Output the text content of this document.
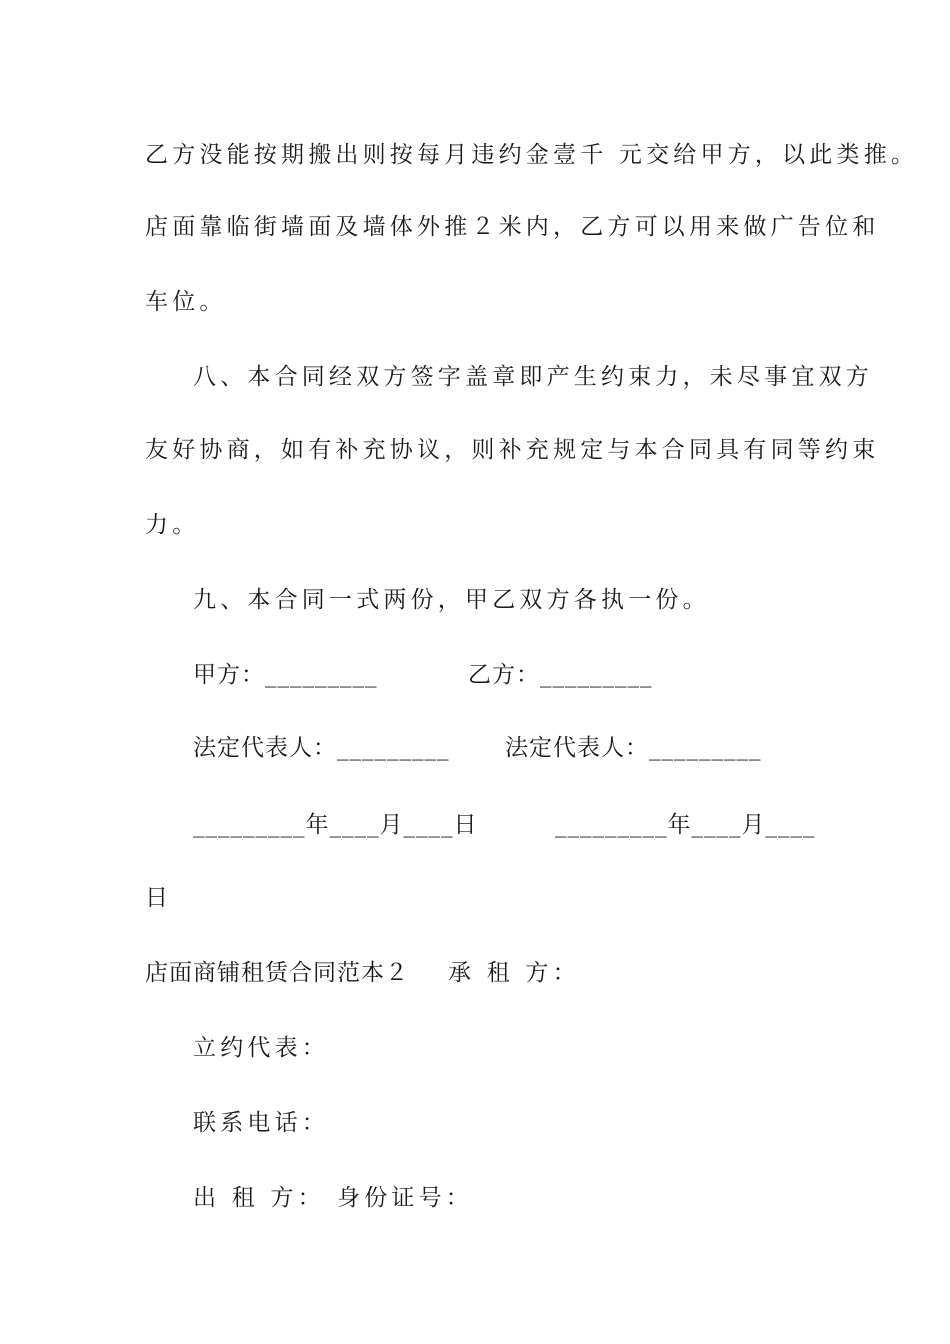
乙方没能按期搬出则按每月违约金壹千 元交给甲方，以此类推。
店面靠临街墙面及墙体外推２米内，乙方可以用来做广告位和
车位。
八、本合同经双方签字盖章即产生约束力，未尽事宜双方
友好协商，如有补充协议，则补充规定与本合同具有同等约束
力。
九、本合同一式两份，甲乙双方各执一份。
甲方：_________	乙方：_________
法定代表人：_________ 法定代表人：_________
_________年____月____日	_________年____月____
日
店面商铺租赁合同范本２ 承 租 方：
立约代表：
联系电话：
出 租 方： 身份证号：
